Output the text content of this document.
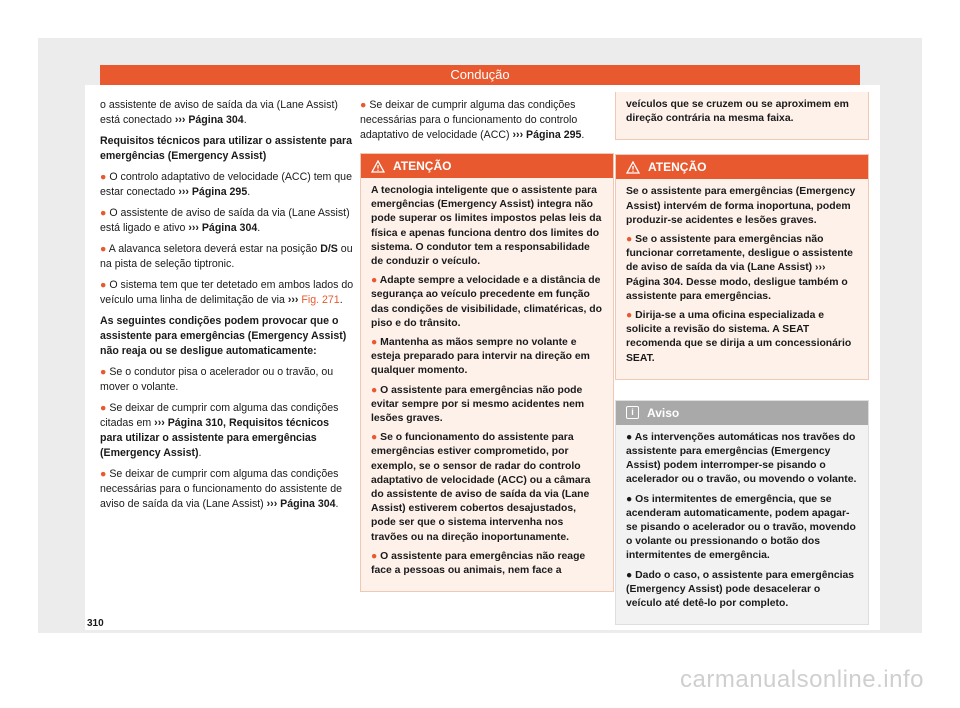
Condução

o assistente de aviso de saída da via (Lane Assist) está conectado ››› Página 304.

Requisitos técnicos para utilizar o assistente para emergências (Emergency Assist)

● O controlo adaptativo de velocidade (ACC) tem que estar conectado ››› Página 295.

● O assistente de aviso de saída da via (Lane Assist) está ligado e ativo ››› Página 304.

● A alavanca seletora deverá estar na posição D/S ou na pista de seleção tiptronic.

● O sistema tem que ter detetado em ambos lados do veículo uma linha de delimitação de via ››› Fig. 271.

As seguintes condições podem provocar que o assistente para emergências (Emergency Assist) não reaja ou se desligue automaticamente:

● Se o condutor pisa o acelerador ou o travão, ou mover o volante.

● Se deixar de cumprir com alguma das condições citadas em ››› Página 310, Requisitos técnicos para utilizar o assistente para emergências (Emergency Assist).

● Se deixar de cumprir com alguma das condições necessárias para o funcionamento do assistente de aviso de saída da via (Lane Assist) ››› Página 304.

● Se deixar de cumprir alguma das condições necessárias para o funcionamento do controlo adaptativo de velocidade (ACC) ››› Página 295.

ATENÇÃO

A tecnologia inteligente que o assistente para emergências (Emergency Assist) integra não pode superar os limites impostos pelas leis da física e apenas funciona dentro dos limites do sistema. O condutor tem a responsabilidade de conduzir o veículo.

● Adapte sempre a velocidade e a distância de segurança ao veículo precedente em função das condições de visibilidade, climatéricas, do piso e do trânsito.

● Mantenha as mãos sempre no volante e esteja preparado para intervir na direção em qualquer momento.

● O assistente para emergências não pode evitar sempre por si mesmo acidentes nem lesões graves.

● Se o funcionamento do assistente para emergências estiver comprometido, por exemplo, se o sensor de radar do controlo adaptativo de velocidade (ACC) ou a câmara do assistente de aviso de saída da via (Lane Assist) estiverem cobertos desajustados, pode ser que o sistema intervenha nos travões ou na direção inoportunamente.

● O assistente para emergências não reage face a pessoas ou animais, nem face a

veículos que se cruzem ou se aproximem em direção contrária na mesma faixa.

ATENÇÃO

Se o assistente para emergências (Emergency Assist) intervém de forma inoportuna, podem produzir-se acidentes e lesões graves.

● Se o assistente para emergências não funcionar corretamente, desligue o assistente de aviso de saída da via (Lane Assist) ››› Página 304. Desse modo, desligue também o assistente para emergências.

● Dirija-se a uma oficina especializada e solicite a revisão do sistema. A SEAT recomenda que se dirija a um concessionário SEAT.

i	Aviso

● As intervenções automáticas nos travões do assistente para emergências (Emergency Assist) podem interromper-se pisando o acelerador ou o travão, ou movendo o volante.

● Os intermitentes de emergência, que se acenderam automaticamente, podem apagar-se pisando o acelerador ou o travão, movendo o volante ou pressionando o botão dos intermitentes de emergência.

● Dado o caso, o assistente para emergências (Emergency Assist) pode desacelerar o veículo até detê-lo por completo.

310
carmanualsonline.info
